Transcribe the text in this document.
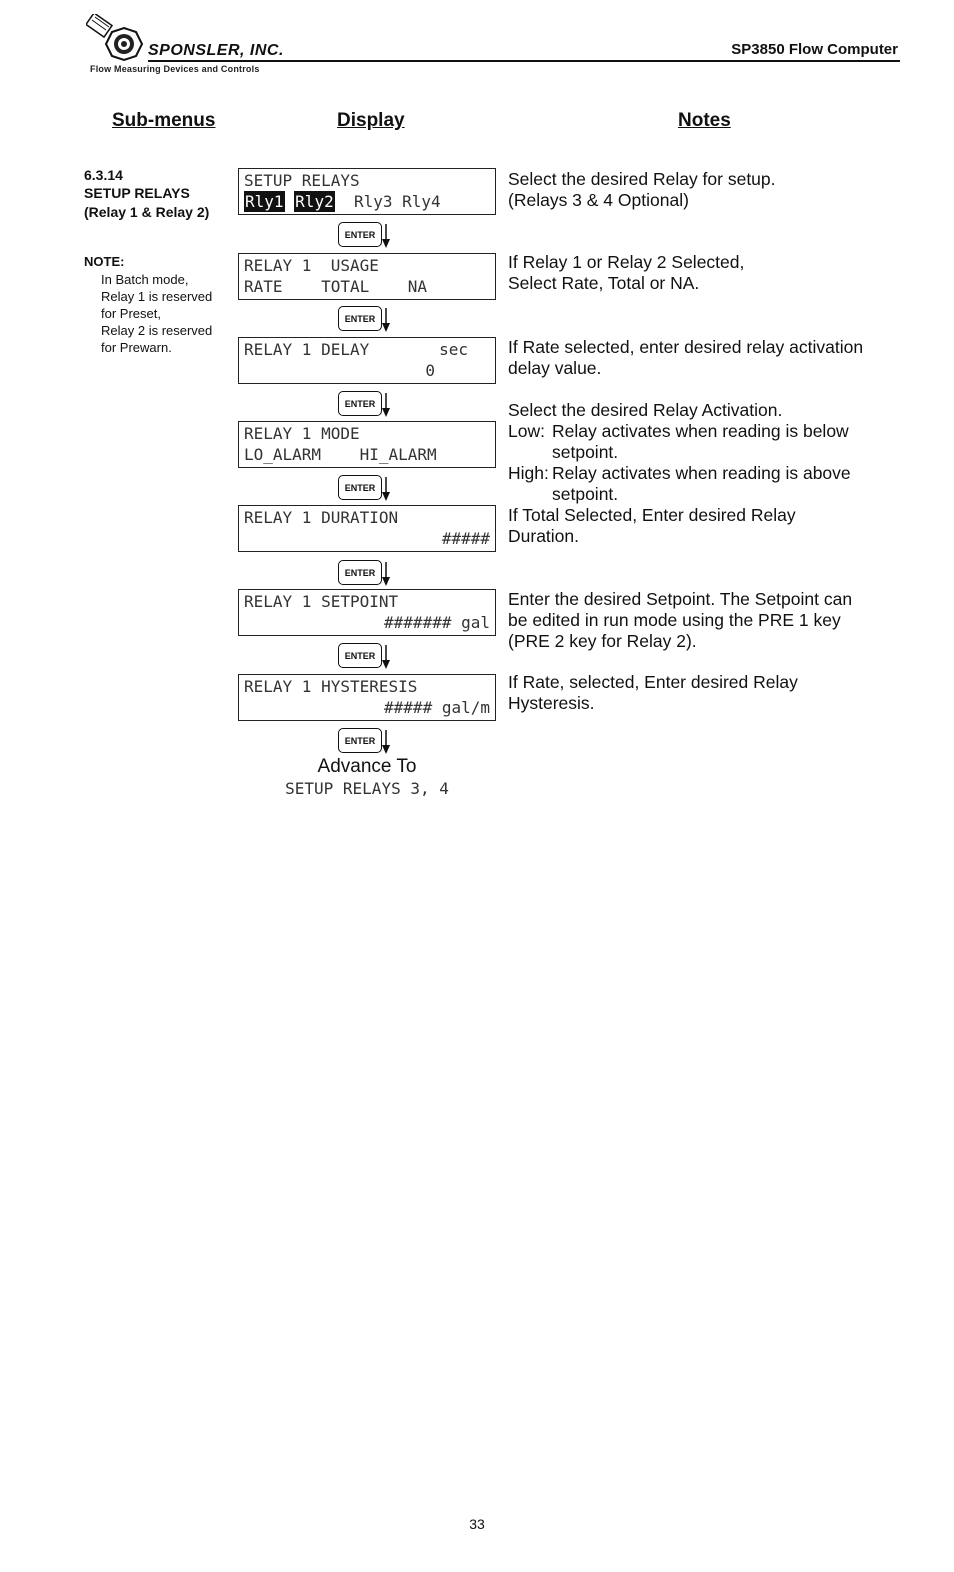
SPONSLER, INC.
Flow Measuring Devices and Controls
SP3850 Flow Computer
Sub-menus	Display	Notes
6.3.14
SETUP RELAYS
(Relay 1 & Relay 2)
NOTE:
In Batch mode,
Relay 1 is reserved
for Preset,
Relay 2 is reserved
for Prewarn.
SETUP RELAYS
Rly1
Rly2
Rly3
Rly4
ENTER
Select the desired Relay for setup.
(Relays 3 & 4 Optional)
RELAY 1  USAGE
RATE    TOTAL    NA
ENTER
If Relay 1 or Relay 2 Selected,
Select Rate, Total or NA.
RELAY 1 DELAY	sec
0
ENTER
If Rate selected, enter desired relay activation
delay value.
RELAY 1 MODE
LO_ALARM    HI_ALARM
ENTER
Select the desired Relay Activation.
Low: Relay activates when reading is below setpoint.
High: Relay activates when reading is above setpoint.
RELAY 1 DURATION
#####
ENTER
If Total Selected, Enter desired Relay
Duration.
RELAY 1 SETPOINT
####### gal
ENTER
Enter the desired Setpoint. The Setpoint can
be edited in run mode using the PRE 1 key
(PRE 2 key for Relay 2).
RELAY 1 HYSTERESIS
##### gal/m
ENTER
If Rate, selected, Enter desired Relay
Hysteresis.
Advance To
SETUP RELAYS 3, 4
33
